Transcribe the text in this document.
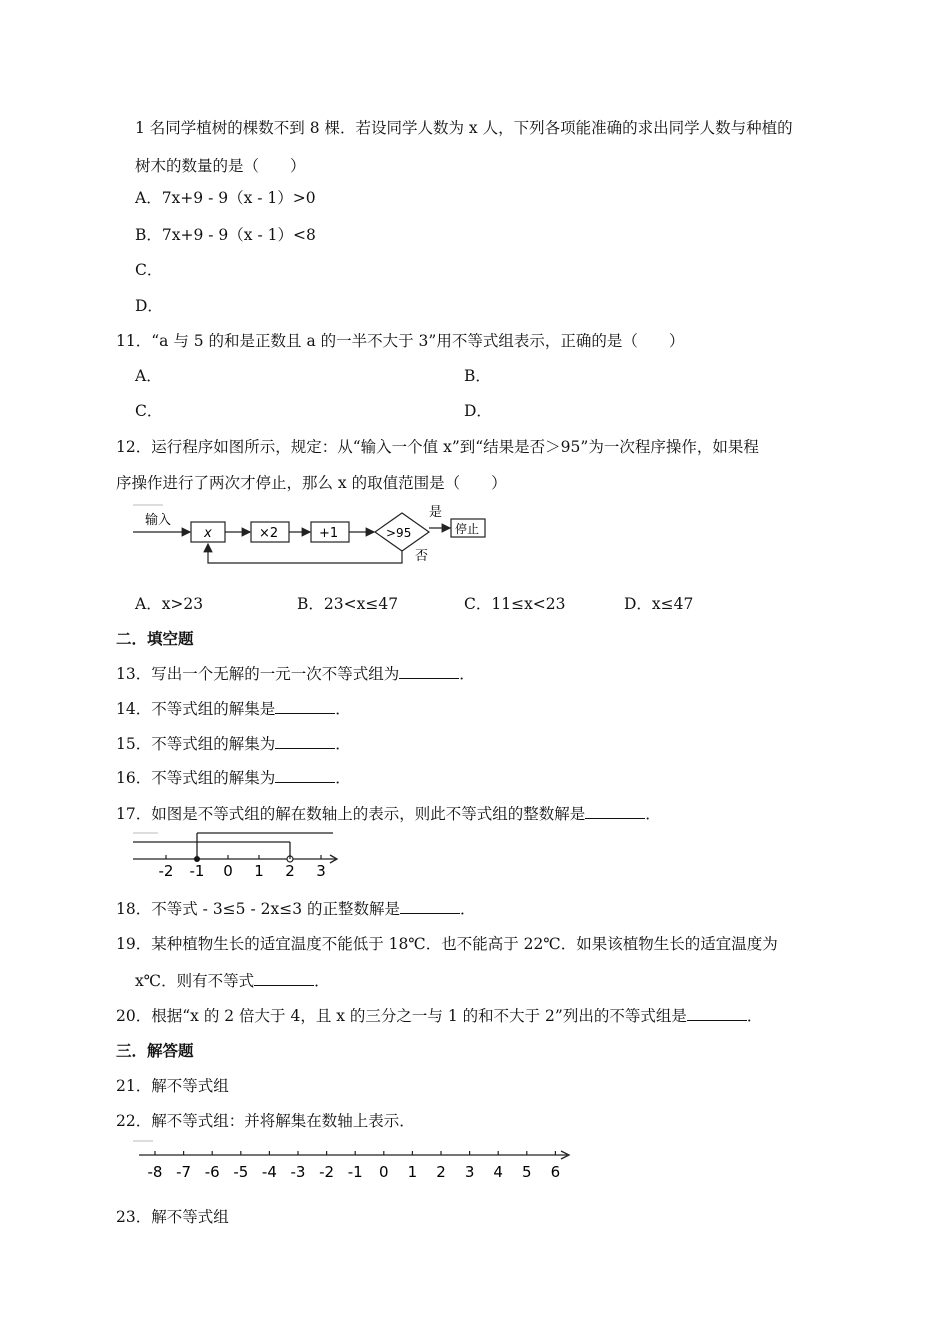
1 名同学植树的棵数不到 8 棵．若设同学人数为 x 人，下列各项能准确的求出同学人数与种植的
树木的数量的是（　　）
A．7x+9 - 9（x - 1）>0
B．7x+9 - 9（x - 1）<8
C．
D．
11．“a 与 5 的和是正数且 a 的一半不大于 3”用不等式组表示，正确的是（　　）
A．	B．
C．	D．
12．运行程序如图所示，规定：从“输入一个值 x”到“结果是否＞95”为一次程序操作，如果程
序操作进行了两次才停止，那么 x 的取值范围是（　　）
输入
x	×2	+1	>95
是
停止
否
A．x>23	B．23<x≤47	C．11≤x<23	D．x≤47
二．填空题
13．写出一个无解的一元一次不等式组为	．
14．不等式组的解集是	．
15．不等式组的解集为	．
16．不等式组的解集为	．
17．如图是不等式组的解在数轴上的表示，则此不等式组的整数解是	．
-2 -1 0 1 2 3
18．不等式 - 3≤5 - 2x≤3 的正整数解是	．
19．某种植物生长的适宜温度不能低于 18℃．也不能高于 22℃．如果该植物生长的适宜温度为
x℃．则有不等式	．
20．根据“x 的 2 倍大于 4，且 x 的三分之一与 1 的和不大于 2”列出的不等式组是	．
三．解答题
21．解不等式组
22．解不等式组：并将解集在数轴上表示．
-8 -7 -6 -5 -4 -3 -2 -1 0 1 2 3 4 5 6
23．解不等式组
